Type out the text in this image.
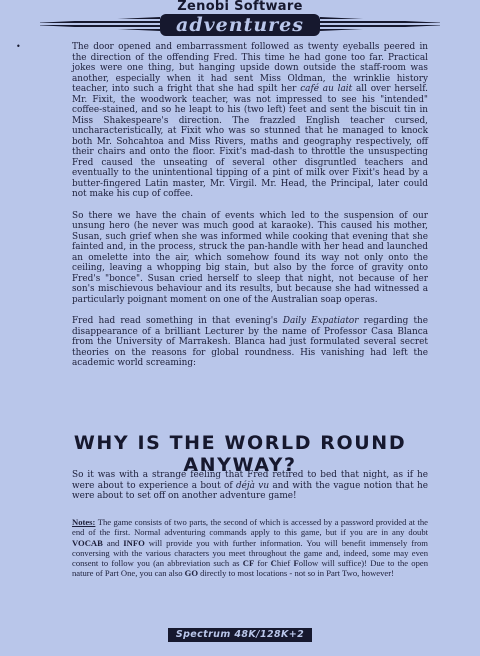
Zenobi Software
adventures
•	The door opened and embarrassment followed as twenty eyeballs peered in the direction of the offending Fred. This time he had gone too far. Practical jokes were one thing, but hanging upside down outside the staff-room was another, especially when it had sent Miss Oldman, the wrinklie history teacher, into such a fright that she had spilt her café au lait all over herself. Mr. Fixit, the woodwork teacher, was not impressed to see his "intended" coffee-stained, and so he leapt to his (two left) feet and sent the biscuit tin in Miss Shakespeare's direction. The frazzled English teacher cursed, uncharacteristically, at Fixit who was so stunned that he managed to knock both Mr. Sohcahtoa and Miss Rivers, maths and geography respectively, off their chairs and onto the floor. Fixit's mad-dash to throttle the unsuspecting Fred caused the unseating of several other disgruntled teachers and eventually to the unintentional tipping of a pint of milk over Fixit's head by a butter-fingered Latin master, Mr. Virgil. Mr. Head, the Principal, later could not make his cup of coffee.

So there we have the chain of events which led to the suspension of our unsung hero (he never was much good at karaoke). This caused his mother, Susan, such grief when she was informed while cooking that evening that she fainted and, in the process, struck the pan-handle with her head and launched an omelette into the air, which somehow found its way not only onto the ceiling, leaving a whopping big stain, but also by the force of gravity onto Fred's "bonce". Susan cried herself to sleep that night, not because of her son's mischievous behaviour and its results, but because she had witnessed a particularly poignant moment on one of the Australian soap operas.

Fred had read something in that evening's Daily Expatiator regarding the disappearance of a brilliant Lecturer by the name of Professor Casa Blanca from the University of Marrakesh. Blanca had just formulated several secret theories on the reasons for global roundness. His vanishing had left the academic world screaming:

WHY IS THE WORLD ROUND ANYWAY?
So it was with a strange feeling that Fred retired to bed that night, as if he were about to experience a bout of déjà vu and with the vague notion that he were about to set off on another adventure game!
Notes: The game consists of two parts, the second of which is accessed by a password provided at the end of the first. Normal adventuring commands apply to this game, but if you are in any doubt VOCAB and INFO will provide you with further information. You will benefit immensely from conversing with the various characters you meet throughout the game and, indeed, some may even consent to follow you (an abbreviation such as CF for Chief Follow will suffice)! Due to the open nature of Part One, you can also GO directly to most locations - not so in Part Two, however!
Spectrum 48K/128K+2
